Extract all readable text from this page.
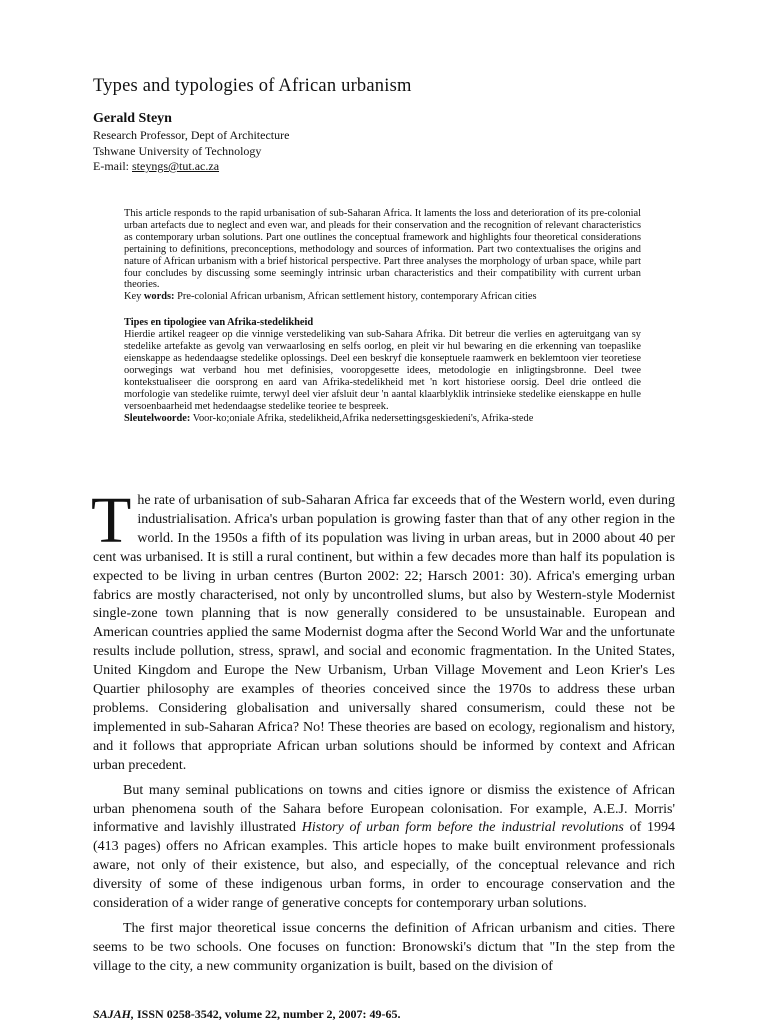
Types and typologies of African urbanism
Gerald Steyn
Research Professor, Dept of Architecture
Tshwane University of Technology
E-mail: steyngs@tut.ac.za

This article responds to the rapid urbanisation of sub-Saharan Africa. It laments the loss and deterioration of its pre-colonial urban artefacts due to neglect and even war, and pleads for their conservation and the recognition of relevant characteristics as contemporary urban solutions. Part one outlines the conceptual framework and highlights four theoretical considerations pertaining to definitions, preconceptions, methodology and sources of information. Part two contextualises the origins and nature of African urbanism with a brief historical perspective. Part three analyses the morphology of urban space, while part four concludes by discussing some seemingly intrinsic urban characteristics and their compatibility with current urban theories.

Key words: Pre-colonial African urbanism, African settlement history, contemporary African cities

Tipes en tipologiee van Afrika-stedelikheid

Hierdie artikel reageer op die vinnige verstedeliking van sub-Sahara Afrika. Dit betreur die verlies en agteruitgang van sy stedelike artefakte as gevolg van verwaarlosing en selfs oorlog, en pleit vir hul bewaring en die erkenning van toepaslike eienskappe as hedendaagse stedelike oplossings. Deel een beskryf die konseptuele raamwerk en beklemtoon vier teoretiese oorwegings wat verband hou met definisies, vooropgesette idees, metodologie en inligtingsbronne. Deel twee kontekstualiseer die oorsprong en aard van Afrika-stedelikheid met 'n kort historiese oorsig. Deel drie ontleed die morfologie van stedelike ruimte, terwyl deel vier afsluit deur 'n aantal klaarblyklik intrinsieke stedelike eienskappe en hulle versoenbaarheid met hedendaagse stedelike teoriee te bespreek.

Sleutelwoorde: Voor-ko;oniale Afrika, stedelikheid,Afrika nedersettingsgeskiedeni's, Afrika-stede

The rate of urbanisation of sub-Saharan Africa far exceeds that of the Western world, even during industrialisation. Africa's urban population is growing faster than that of any other region in the world. In the 1950s a fifth of its population was living in urban areas, but in 2000 about 40 per cent was urbanised. It is still a rural continent, but within a few decades more than half its population is expected to be living in urban centres (Burton 2002: 22; Harsch 2001: 30). Africa's emerging urban fabrics are mostly characterised, not only by uncontrolled slums, but also by Western-style Modernist single-zone town planning that is now generally considered to be unsustainable. European and American countries applied the same Modernist dogma after the Second World War and the unfortunate results include pollution, stress, sprawl, and social and economic fragmentation. In the United States, United Kingdom and Europe the New Urbanism, Urban Village Movement and Leon Krier's Les Quartier philosophy are examples of theories conceived since the 1970s to address these urban problems. Considering globalisation and universally shared consumerism, could these not be implemented in sub-Saharan Africa? No! These theories are based on ecology, regionalism and history, and it follows that appropriate African urban solutions should be informed by context and African urban precedent.

But many seminal publications on towns and cities ignore or dismiss the existence of African urban phenomena south of the Sahara before European colonisation. For example, A.E.J. Morris' informative and lavishly illustrated History of urban form before the industrial revolutions of 1994 (413 pages) offers no African examples. This article hopes to make built environment professionals aware, not only of their existence, but also, and especially, of the conceptual relevance and rich diversity of some of these indigenous urban forms, in order to encourage conservation and the consideration of a wider range of generative concepts for contemporary urban solutions.

The first major theoretical issue concerns the definition of African urbanism and cities. There seems to be two schools. One focuses on function: Bronowski's dictum that "In the step from the village to the city, a new community organization is built, based on the division of

SAJAH, ISSN 0258-3542, volume 22, number 2, 2007: 49-65.
